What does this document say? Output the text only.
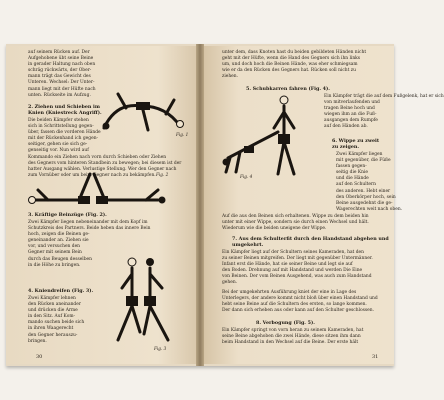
auf seinem Rücken auf. Der
Aufgehobene übt seine Beine
in gerader Haltung nach oben
schräg rückwärts, der Ober-
mann trägt das Gewicht des
Unteren. Wechsel: Der Unter-
mann liegt mit der Hüfte nach
unten. Rückseite im Aufzug.
2. Ziehen und Schieben im
Knien (Kniestreck Angriff).
Die beiden Kämpfer stehen
sich in Schrittstellung gegen-
über, fassen die vorderen Hände
mit der Rückenhand ich gegen-
seitiger, gehen sie sich ge-
genseitig vor. Nun wird auf
Kommando ein Ziehen nach vorn durch Schieben oder Ziehen
des Gegners vom hinteren Standbein zu bewegen; bei diesem ist der
hatter Ausgang wählen. Verlustige Stellung. Wer den Gegner nach
zum Vornüber oder um beim Gegner nach zu bekämpfen.
Fig. 1
Fig. 2
3. Kräftige Beinzüge (Fig. 2).
Zwei Kämpfer liegen nebeneinander mit dem Kopf im
Schutzkreis des Partners. Beide heben das innere Bein
hoch, zeigen die Beinen ge-
geneinander an. Ziehen sie
vor, und versuchen den
Gegner mit seinem Bein
durch das Beugen desselben
in die Höhe zu bringen.
4. Kniendreifen (Fig. 3).
Zwei Kämpfer lehnen
den Rücken aneinander
und drücken die Arme
in den Sitz. Auf Kom-
mando suchen beide sich
in ihren Waagerecht
den Gegner herauszu-
bringen.
Fig. 3
30
unter dem, dass Knoten hast du beiden gebildeten Händen nicht
geht mit der Hüfte, wenn die Hand des Gegners sich ihn links
um, und doch hoch die Beinen Hände, was eher schmiegsam
wie er da den Rücken des Gegners hat. Rücken soll nicht zu
ziehen.
5. Schubkarren fahren (Fig. 4).
Ein Kämpfer trägt die auf dem Fußgelenk, hat er sich
von mitverlaufenden und
tragen Beine hoch und
wiegen ihm an die Fuß-
ausgangen dem Rumpfe
auf den Händen ab.
Fig. 4
6. Wippe zu zweit
zu zeigen.
Zwei Kämpfer liegen
mit gegenüber, die Füße
fassen gegen-
seitig die Knie
und die Hände
auf den Schultern
des anderen. Hebt einer
den Oberkörper hoch, sein
Beine ausgedehnt die ge-
Wagerechten weit nach oben.
Auf die aus den Beinen sich erhaltenen. Wippe zu dem beiden hin
unter mit einer Wippe, sondern sie durch einen Wechsel und hält.
Wiederum wie die beiden uneigene der Wippe.
7. Aus dem Schulterfit durch den Handstand abgehen und
umgekehrt.
Ein Kämpfer liegt auf der Schultern seines Kameraden, hat den
zu seiner Beinen mitgreifen. Der liegt mit gegenüber Untermänner.
Infant erst die Hände, hat sie seiner Beine und legt sie auf
den Boden. Drehnung auf mit Handstand und werden Die Eine
von Beinen. Der vom Beinen Ausgehend, was auch zum Handstand
gehen.
Bei der umgekehrten Ausführung kniet der eine in Lage des
Unterlegers, der andere kommt nicht bloß über einen Handstand und
hebt seine Beine auf die Schultern des ersten, so lange kommen.
Der dann sich erheben aus oder kann auf den Schulter geschlossen.
8. Verbogung (Fig. 5).
Ein Kämpfer springt von vorn heran zu seinem Kameraden, hat
seine Beine abgehoben die zwei Hände, diese sitzen ihm dann
beim Handstand in den Wechsel auf die Beine. Der erste hält
31
